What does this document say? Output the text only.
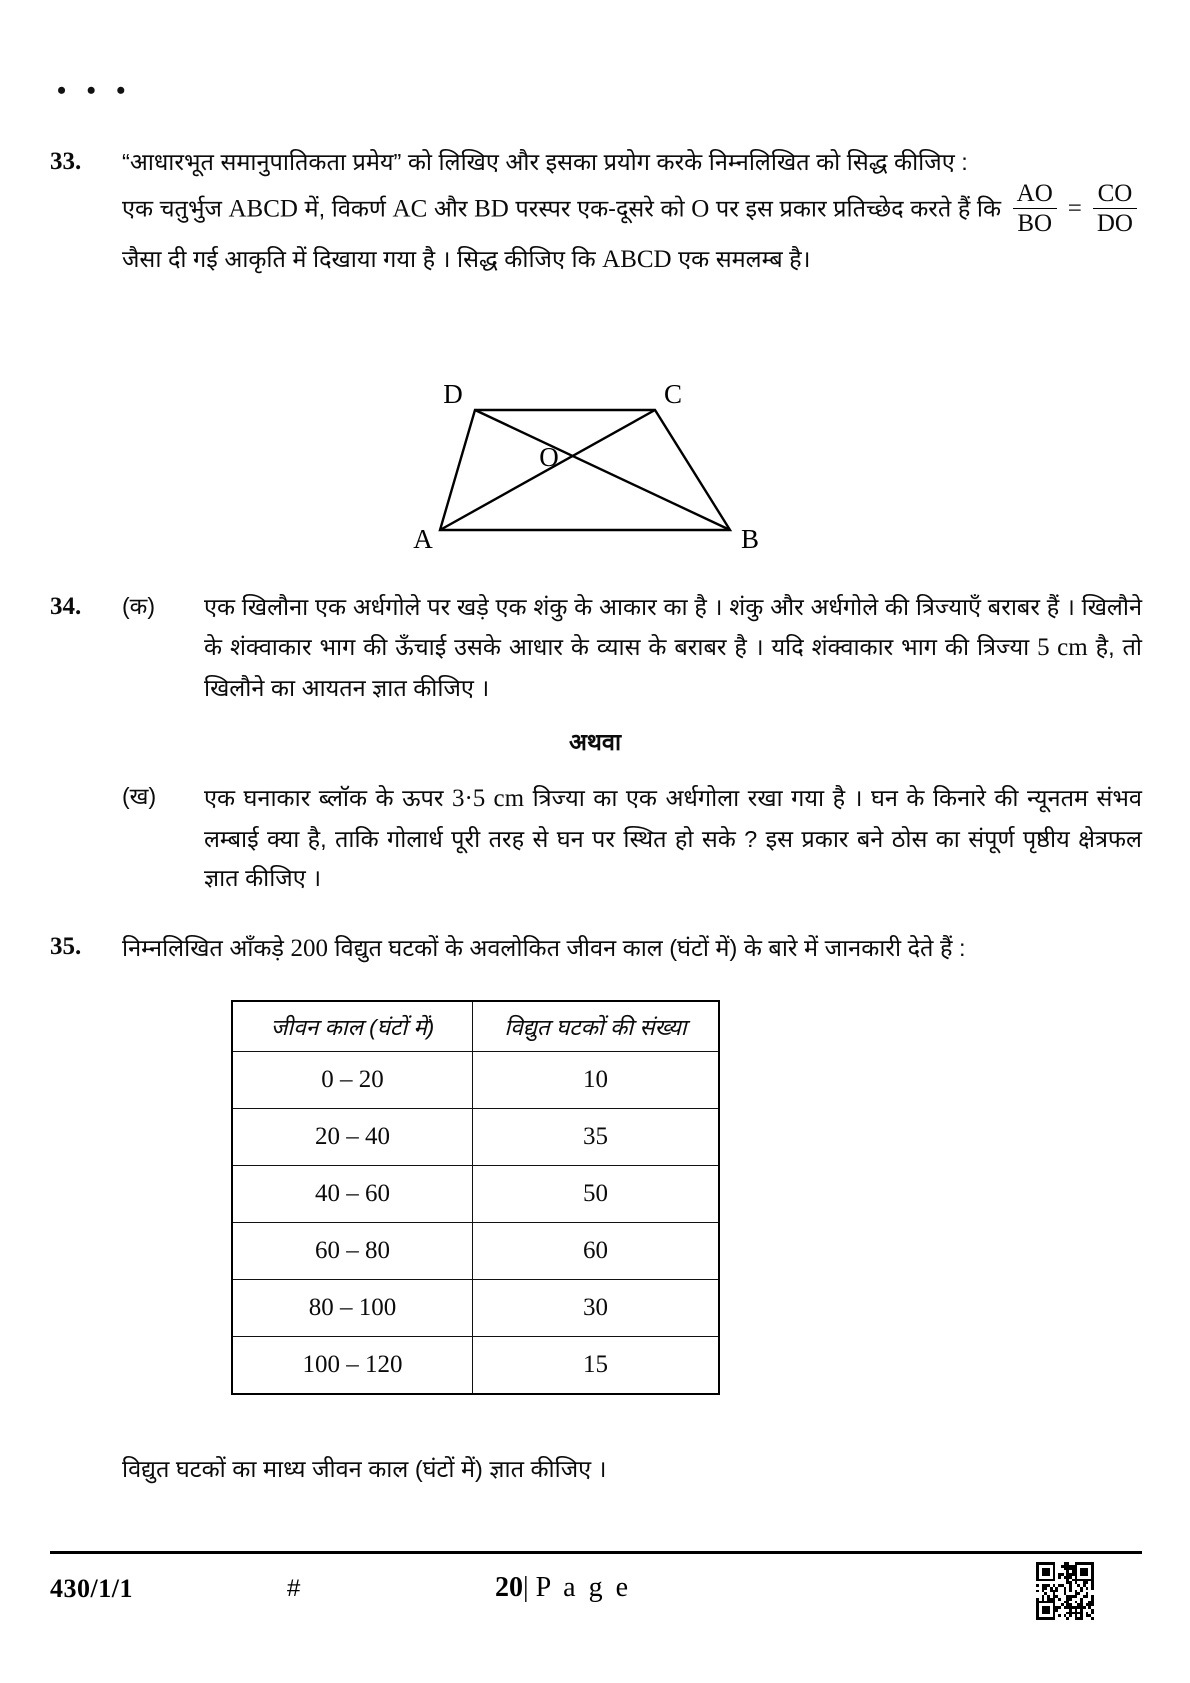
• • •
33.	“आधारभूत समानुपातिकता प्रमेय” को लिखिए और इसका प्रयोग करके निम्नलिखित को सिद्ध कीजिए :
एक चतुर्भुज ABCD में, विकर्ण AC और BD परस्पर एक-दूसरे को O पर इस प्रकार प्रतिच्छेद करते हैं कि $\frac{AO}{BO} = \frac{CO}{DO}$
जैसा दी गई आकृति में दिखाया गया है । सिद्ध कीजिए कि ABCD एक समलम्ब है।
D	C
A	B
O
34.	(क)	एक खिलौना एक अर्धगोले पर खड़े एक शंकु के आकार का है । शंकु और अर्धगोले की त्रिज्याएँ बराबर हैं । खिलौने के शंक्वाकार भाग की ऊँचाई उसके आधार के व्यास के बराबर है । यदि शंक्वाकार भाग की त्रिज्या 5 cm है, तो खिलौने का आयतन ज्ञात कीजिए ।
अथवा
(ख)	एक घनाकार ब्लॉक के ऊपर 3·5 cm त्रिज्या का एक अर्धगोला रखा गया है । घन के किनारे की न्यूनतम संभव लम्बाई क्या है, ताकि गोलार्ध पूरी तरह से घन पर स्थित हो सके ? इस प्रकार बने ठोस का संपूर्ण पृष्ठीय क्षेत्रफल ज्ञात कीजिए ।
35.	निम्नलिखित आँकड़े 200 विद्युत घटकों के अवलोकित जीवन काल (घंटों में) के बारे में जानकारी देते हैं :
जीवन काल (घंटों में)	विद्युत घटकों की संख्या
0 – 20	10
20 – 40	35
40 – 60	50
60 – 80	60
80 – 100	30
100 – 120	15
विद्युत घटकों का माध्य जीवन काल (घंटों में) ज्ञात कीजिए ।
430/1/1	#	20| P a g e
